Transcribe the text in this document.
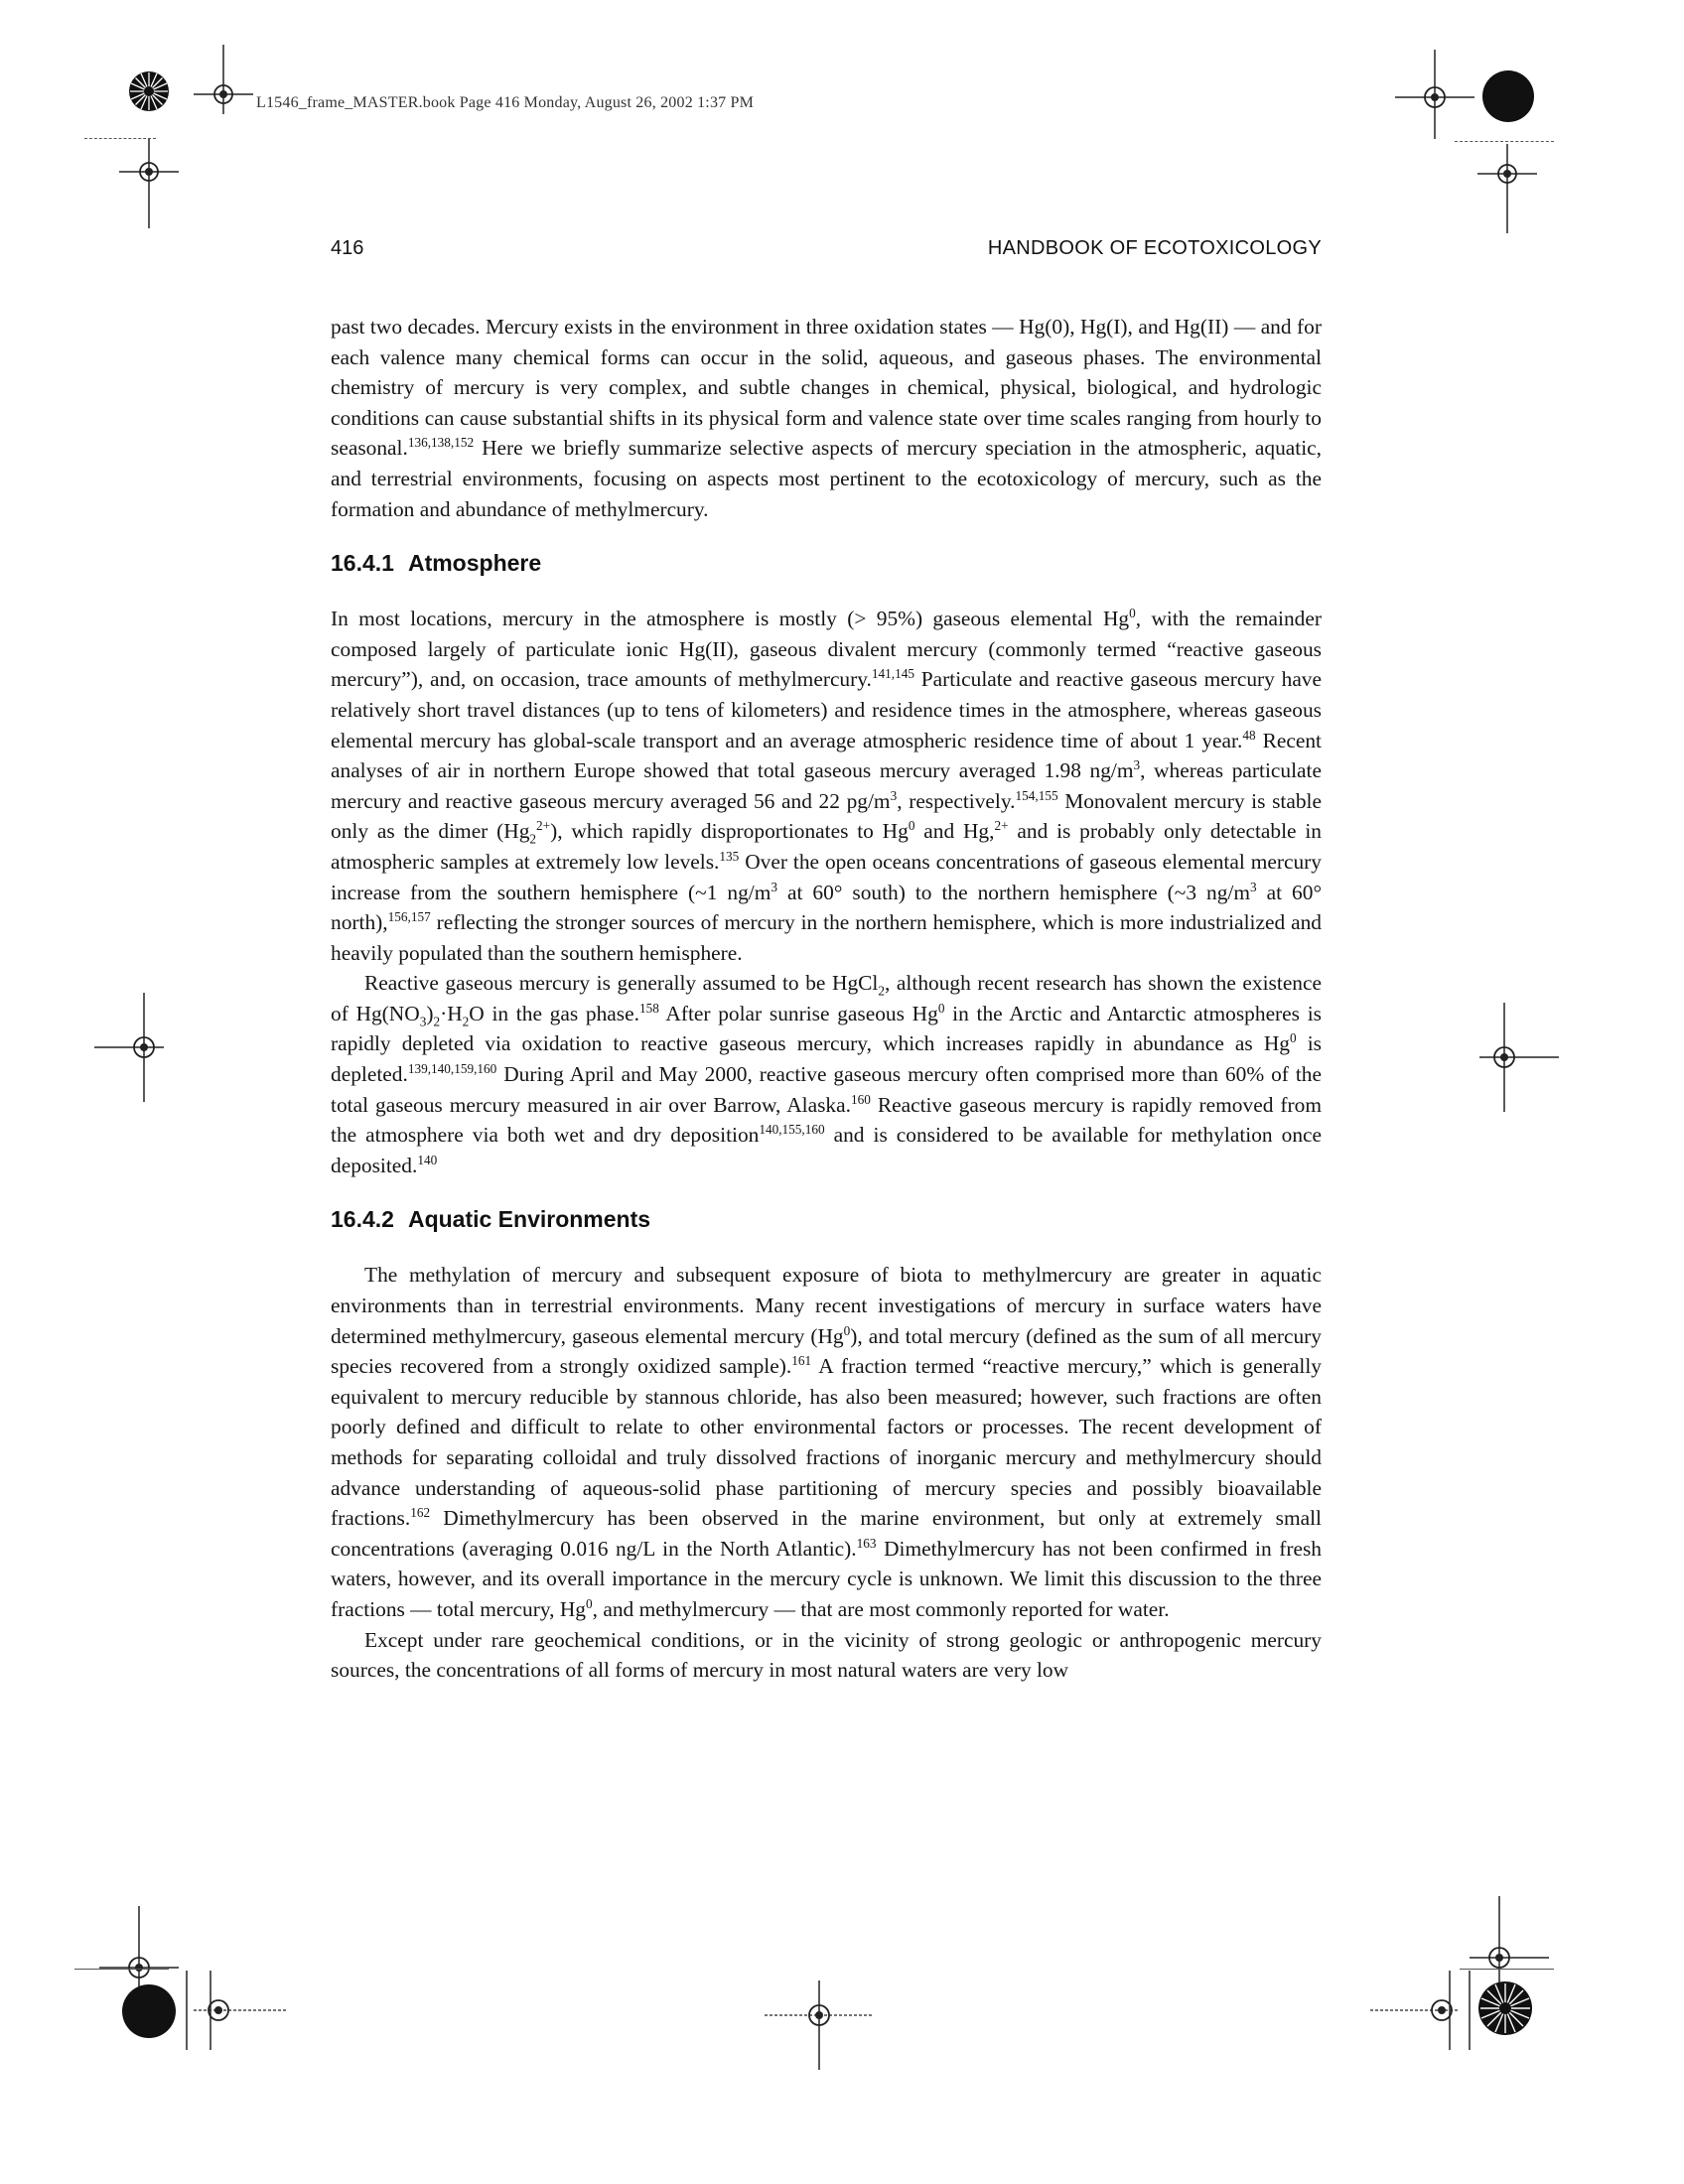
L1546_frame_MASTER.book Page 416 Monday, August 26, 2002 1:37 PM
416	HANDBOOK OF ECOTOXICOLOGY

past two decades. Mercury exists in the environment in three oxidation states — Hg(0), Hg(I), and Hg(II) — and for each valence many chemical forms can occur in the solid, aqueous, and gaseous phases. The environmental chemistry of mercury is very complex, and subtle changes in chemical, physical, biological, and hydrologic conditions can cause substantial shifts in its physical form and valence state over time scales ranging from hourly to seasonal.$^{136,138,152}$ Here we briefly summarize selective aspects of mercury speciation in the atmospheric, aquatic, and terrestrial environments, focusing on aspects most pertinent to the ecotoxicology of mercury, such as the formation and abundance of methylmercury.

16.4.1 Atmosphere

In most locations, mercury in the atmosphere is mostly (> 95%) gaseous elemental Hg$^0$, with the remainder composed largely of particulate ionic Hg(II), gaseous divalent mercury (commonly termed “reactive gaseous mercury”), and, on occasion, trace amounts of methylmercury.$^{141,145}$ Particulate and reactive gaseous mercury have relatively short travel distances (up to tens of kilometers) and residence times in the atmosphere, whereas gaseous elemental mercury has global-scale transport and an average atmospheric residence time of about 1 year.$^{48}$ Recent analyses of air in northern Europe showed that total gaseous mercury averaged 1.98 $ng/m^3$, whereas particulate mercury and reactive gaseous mercury averaged 56 and 22 $pg/m^3$, respectively.$^{154,155}$ Monovalent mercury is stable only as the dimer $(Hg_2^{2+})$, which rapidly disproportionates to Hg$^0$ and Hg,$^{2+}$ and is probably only detectable in atmospheric samples at extremely low levels.$^{135}$ Over the open oceans concentrations of gaseous elemental mercury increase from the southern hemisphere (~1 $ng/m^3$ at 60° south) to the northern hemisphere (~3 $ng/m^3$ at 60° north),$^{156,157}$ reflecting the stronger sources of mercury in the northern hemisphere, which is more industrialized and heavily populated than the southern hemisphere.

Reactive gaseous mercury is generally assumed to be HgCl$_2$, although recent research has shown the existence of $Hg(NO_3)_2\cdot H_2O$ in the gas phase.$^{158}$ After polar sunrise gaseous Hg$^0$ in the Arctic and Antarctic atmospheres is rapidly depleted via oxidation to reactive gaseous mercury, which increases rapidly in abundance as Hg$^0$ is depleted.$^{139,140,159,160}$ During April and May 2000, reactive gaseous mercury often comprised more than 60% of the total gaseous mercury measured in air over Barrow, Alaska.$^{160}$ Reactive gaseous mercury is rapidly removed from the atmosphere via both wet and dry deposition$^{140,155,160}$ and is considered to be available for methylation once deposited.$^{140}$

16.4.2 Aquatic Environments

The methylation of mercury and subsequent exposure of biota to methylmercury are greater in aquatic environments than in terrestrial environments. Many recent investigations of mercury in surface waters have determined methylmercury, gaseous elemental mercury (Hg$^0$), and total mercury (defined as the sum of all mercury species recovered from a strongly oxidized sample).$^{161}$ A fraction termed “reactive mercury,” which is generally equivalent to mercury reducible by stannous chloride, has also been measured; however, such fractions are often poorly defined and difficult to relate to other environmental factors or processes. The recent development of methods for separating colloidal and truly dissolved fractions of inorganic mercury and methylmercury should advance understanding of aqueous-solid phase partitioning of mercury species and possibly bioavailable fractions.$^{162}$ Dimethylmercury has been observed in the marine environment, but only at extremely small concentrations (averaging 0.016 ng/L in the North Atlantic).$^{163}$ Dimethylmercury has not been confirmed in fresh waters, however, and its overall importance in the mercury cycle is unknown. We limit this discussion to the three fractions — total mercury, Hg$^0$, and methylmercury — that are most commonly reported for water.

Except under rare geochemical conditions, or in the vicinity of strong geologic or anthropogenic mercury sources, the concentrations of all forms of mercury in most natural waters are very low
